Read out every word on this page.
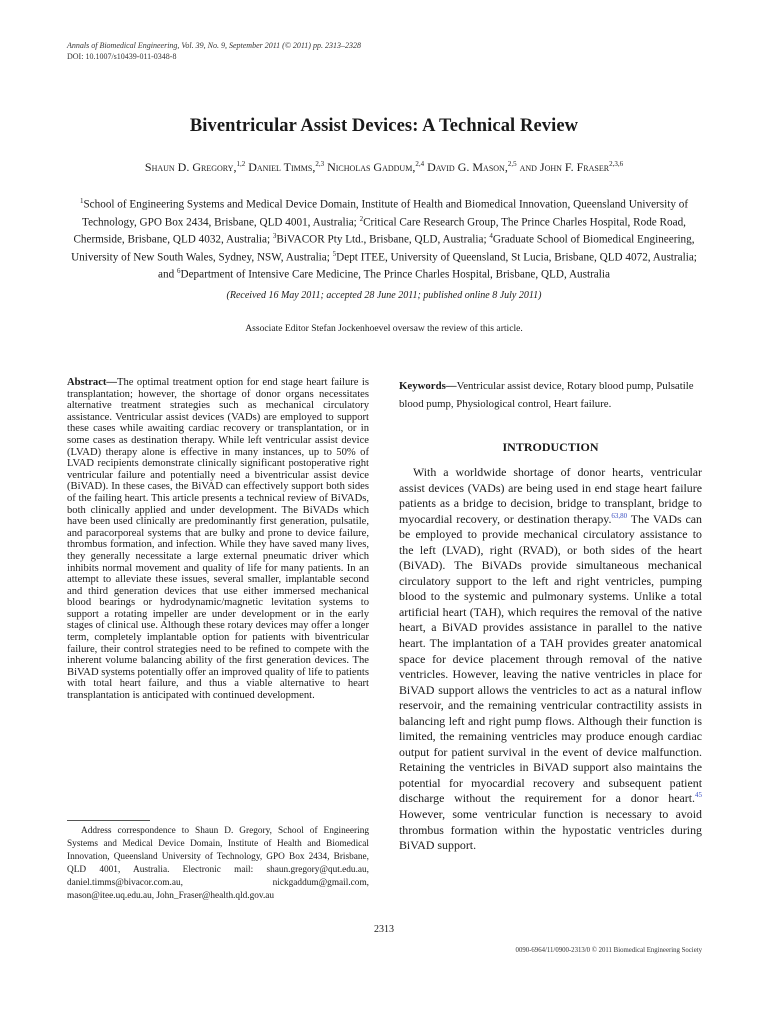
Annals of Biomedical Engineering, Vol. 39, No. 9, September 2011 (© 2011) pp. 2313–2328
DOI: 10.1007/s10439-011-0348-8
Biventricular Assist Devices: A Technical Review
Shaun D. Gregory,$^{1,2}$ Daniel Timms,$^{2,3}$ Nicholas Gaddum,$^{2,4}$ David G. Mason,$^{2,5}$ and John F. Fraser$^{2,3,6}$
$^1$School of Engineering Systems and Medical Device Domain, Institute of Health and Biomedical Innovation, Queensland University of Technology, GPO Box 2434, Brisbane, QLD 4001, Australia; $^2$Critical Care Research Group, The Prince Charles Hospital, Rode Road, Chermside, Brisbane, QLD 4032, Australia; $^3$BiVACOR Pty Ltd., Brisbane, QLD, Australia; $^4$Graduate School of Biomedical Engineering, University of New South Wales, Sydney, NSW, Australia; $^5$Dept ITEE, University of Queensland, St Lucia, Brisbane, QLD 4072, Australia; and $^6$Department of Intensive Care Medicine, The Prince Charles Hospital, Brisbane, QLD, Australia
(Received 16 May 2011; accepted 28 June 2011; published online 8 July 2011)
Associate Editor Stefan Jockenhoevel oversaw the review of this article.
Abstract—The optimal treatment option for end stage heart failure is transplantation; however, the shortage of donor organs necessitates alternative treatment strategies such as mechanical circulatory assistance. Ventricular assist devices (VADs) are employed to support these cases while awaiting cardiac recovery or transplantation, or in some cases as destination therapy. While left ventricular assist device (LVAD) therapy alone is effective in many instances, up to 50% of LVAD recipients demonstrate clinically significant postoperative right ventricular failure and potentially need a biventricular assist device (BiVAD). In these cases, the BiVAD can effectively support both sides of the failing heart. This article presents a technical review of BiVADs, both clinically applied and under development. The BiVADs which have been used clinically are predominantly first generation, pulsatile, and paracorporeal systems that are bulky and prone to device failure, thrombus formation, and infection. While they have saved many lives, they generally necessitate a large external pneumatic driver which inhibits normal movement and quality of life for many patients. In an attempt to alleviate these issues, several smaller, implantable second and third generation devices that use either immersed mechanical blood bearings or hydrodynamic/magnetic levitation systems to support a rotating impeller are under development or in the early stages of clinical use. Although these rotary devices may offer a longer term, completely implantable option for patients with biventricular failure, their control strategies need to be refined to compete with the inherent volume balancing ability of the first generation devices. The BiVAD systems potentially offer an improved quality of life to patients with total heart failure, and thus a viable alternative to heart transplantation is anticipated with continued development.
Address correspondence to Shaun D. Gregory, School of Engineering Systems and Medical Device Domain, Institute of Health and Biomedical Innovation, Queensland University of Technology, GPO Box 2434, Brisbane, QLD 4001, Australia. Electronic mail: shaun.gregory@qut.edu.au, daniel.timms@bivacor.com.au, nickgaddum@gmail.com, mason@itee.uq.edu.au, John_Fraser@health.qld.gov.au
Keywords—Ventricular assist device, Rotary blood pump, Pulsatile blood pump, Physiological control, Heart failure.
INTRODUCTION
With a worldwide shortage of donor hearts, ventricular assist devices (VADs) are being used in end stage heart failure patients as a bridge to decision, bridge to transplant, bridge to myocardial recovery, or destination therapy.$^{63,80}$ The VADs can be employed to provide mechanical circulatory assistance to the left (LVAD), right (RVAD), or both sides of the heart (BiVAD). The BiVADs provide simultaneous mechanical circulatory support to the left and right ventricles, pumping blood to the systemic and pulmonary systems. Unlike a total artificial heart (TAH), which requires the removal of the native heart, a BiVAD provides assistance in parallel to the native heart. The implantation of a TAH provides greater anatomical space for device placement through removal of the native ventricles. However, leaving the native ventricles in place for BiVAD support allows the ventricles to act as a natural inflow reservoir, and the remaining ventricular contractility assists in balancing left and right pump flows. Although their function is limited, the remaining ventricles may produce enough cardiac output for patient survival in the event of device malfunction. Retaining the ventricles in BiVAD support also maintains the potential for myocardial recovery and subsequent patient discharge without the requirement for a donor heart.$^{45}$ However, some ventricular function is necessary to avoid thrombus formation within the hypostatic ventricles during BiVAD support.
2313
0090-6964/11/0900-2313/0 © 2011 Biomedical Engineering Society
